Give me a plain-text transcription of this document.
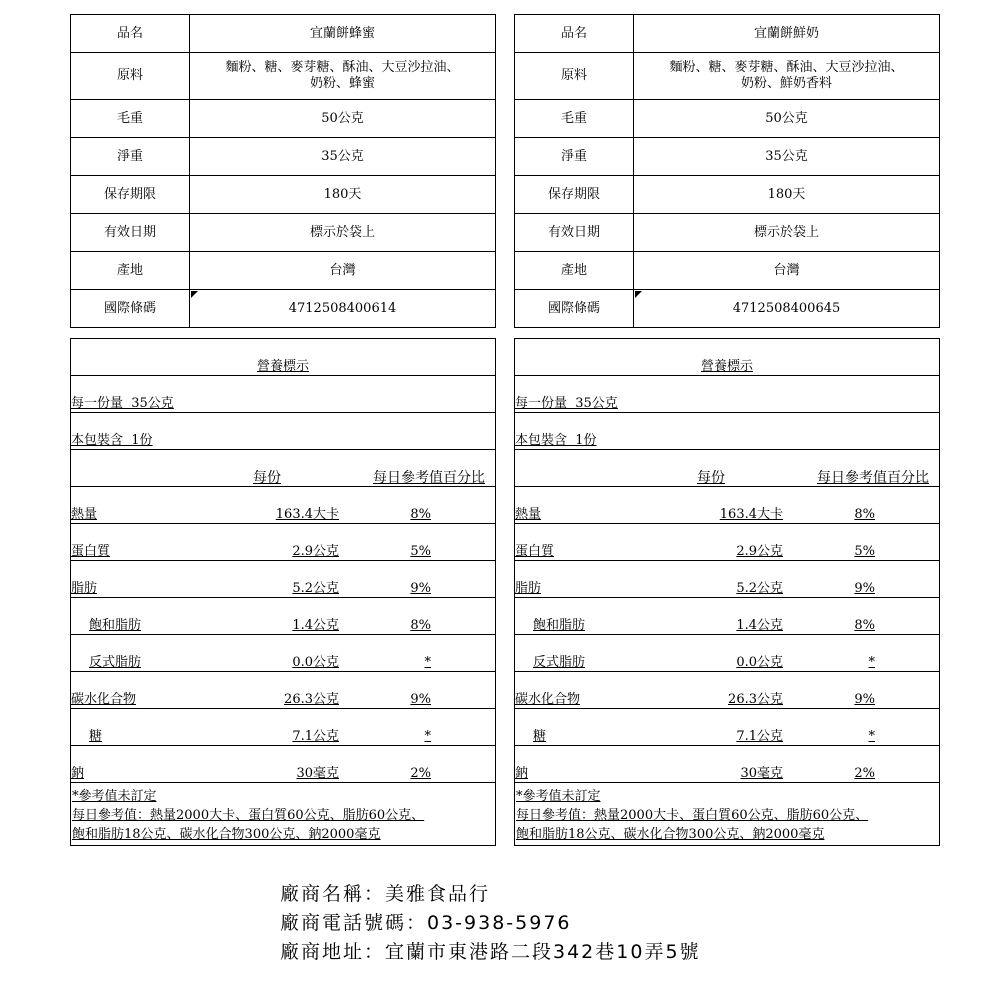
品名	宜蘭餅蜂蜜
原料	麵粉、糖、麥芽糖、酥油、大豆沙拉油、
奶粉、蜂蜜
毛重	50公克
淨重	35公克
保存期限	180天
有效日期	標示於袋上
產地	台灣
國際條碼	4712508400614
營養標示
每一份量  35公克
本包裝含  1份
每份	每日參考值百分比
熱量	163.4大卡	8%
蛋白質	2.9公克	5%
脂肪	5.2公克	9%
飽和脂肪	1.4公克	8%
反式脂肪	0.0公克	*
碳水化合物	26.3公克	9%
糖	7.1公克	*
鈉	30毫克	2%
*參考值未訂定
每日參考值：熱量2000大卡、蛋白質60公克、脂肪60公克、
飽和脂肪18公克、碳水化合物300公克、鈉2000毫克
品名	宜蘭餅鮮奶
原料	麵粉、糖、麥芽糖、酥油、大豆沙拉油、
奶粉、鮮奶香料
毛重	50公克
淨重	35公克
保存期限	180天
有效日期	標示於袋上
產地	台灣
國際條碼	4712508400645
營養標示
每一份量  35公克
本包裝含  1份
每份	每日參考值百分比
熱量	163.4大卡	8%
蛋白質	2.9公克	5%
脂肪	5.2公克	9%
飽和脂肪	1.4公克	8%
反式脂肪	0.0公克	*
碳水化合物	26.3公克	9%
糖	7.1公克	*
鈉	30毫克	2%
*參考值未訂定
每日參考值：熱量2000大卡、蛋白質60公克、脂肪60公克、
飽和脂肪18公克、碳水化合物300公克、鈉2000毫克
廠商名稱：美雅食品行
廠商電話號碼：03-938-5976
廠商地址：宜蘭市東港路二段342巷10弄5號
